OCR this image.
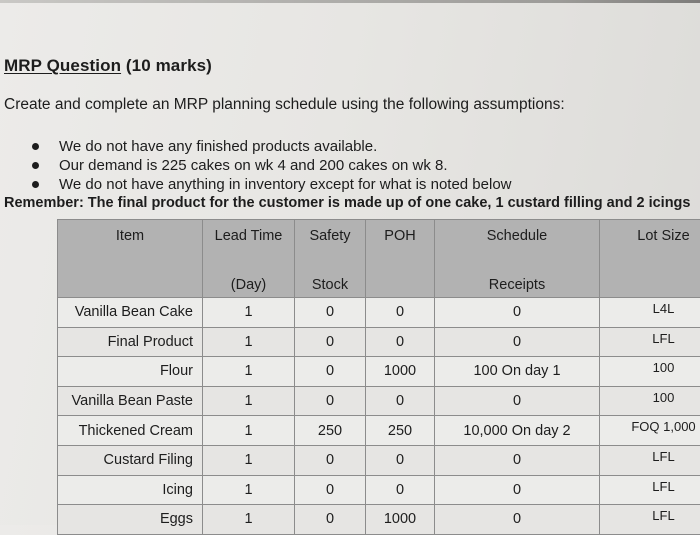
MRP Question (10 marks)
Create and complete an MRP planning schedule using the following assumptions:
We do not have any finished products available.
Our demand is 225 cakes on wk 4 and 200 cakes on wk 8.
We do not have anything in inventory except for what is noted below
Remember: The final product for the customer is made up of one cake, 1 custard filling and 2 icings
Item	Lead Time	Safety	POH	Schedule	Lot Size
	(Day)	Stock		Receipts	
Vanilla Bean Cake	1	0	0	0	L4L
Final Product	1	0	0	0	LFL
Flour	1	0	1000	100 On day 1	100
Vanilla Bean Paste	1	0	0	0	100
Thickened Cream	1	250	250	10,000 On day 2	FOQ 1,000
Custard Filing	1	0	0	0	LFL
Icing	1	0	0	0	LFL
Eggs	1	0	1000	0	LFL
